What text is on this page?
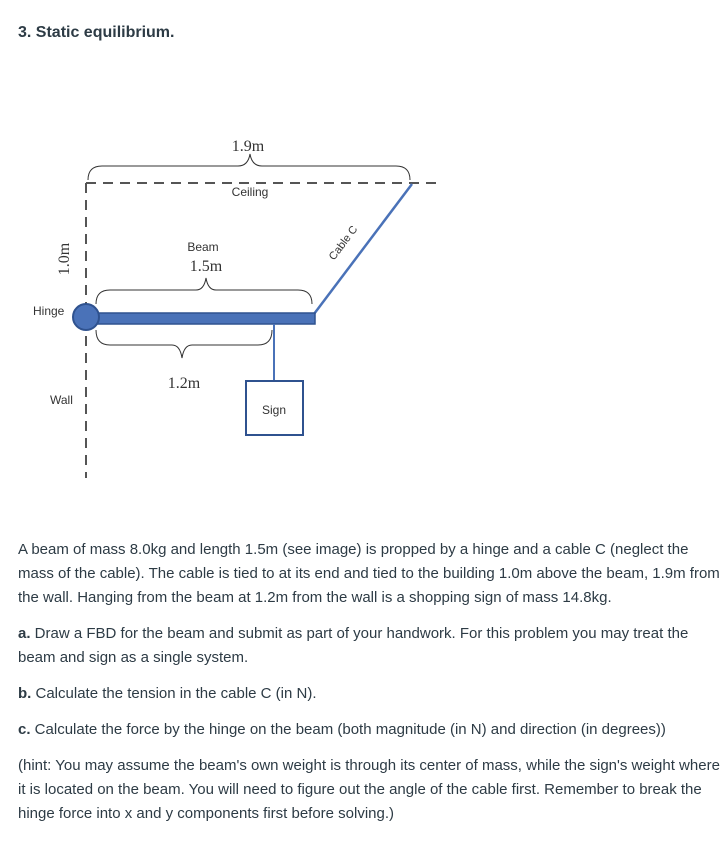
3. Static equilibrium.
1.9m
Ceiling
1.0m	Cable C
Beam
1.5m
Hinge
1.2m
Sign
Wall

A beam of mass 8.0kg and length 1.5m (see image) is propped by a hinge and a cable C (neglect the mass of the cable). The cable is tied to at its end and tied to the building 1.0m above the beam, 1.9m from the wall. Hanging from the beam at 1.2m from the wall is a shopping sign of mass 14.8kg.

a. Draw a FBD for the beam and submit as part of your handwork. For this problem you may treat the beam and sign as a single system.

b. Calculate the tension in the cable C (in N).

c. Calculate the force by the hinge on the beam (both magnitude (in N) and direction (in degrees))

(hint: You may assume the beam's own weight is through its center of mass, while the sign's weight where it is located on the beam. You will need to figure out the angle of the cable first. Remember to break the hinge force into x and y components first before solving.)
